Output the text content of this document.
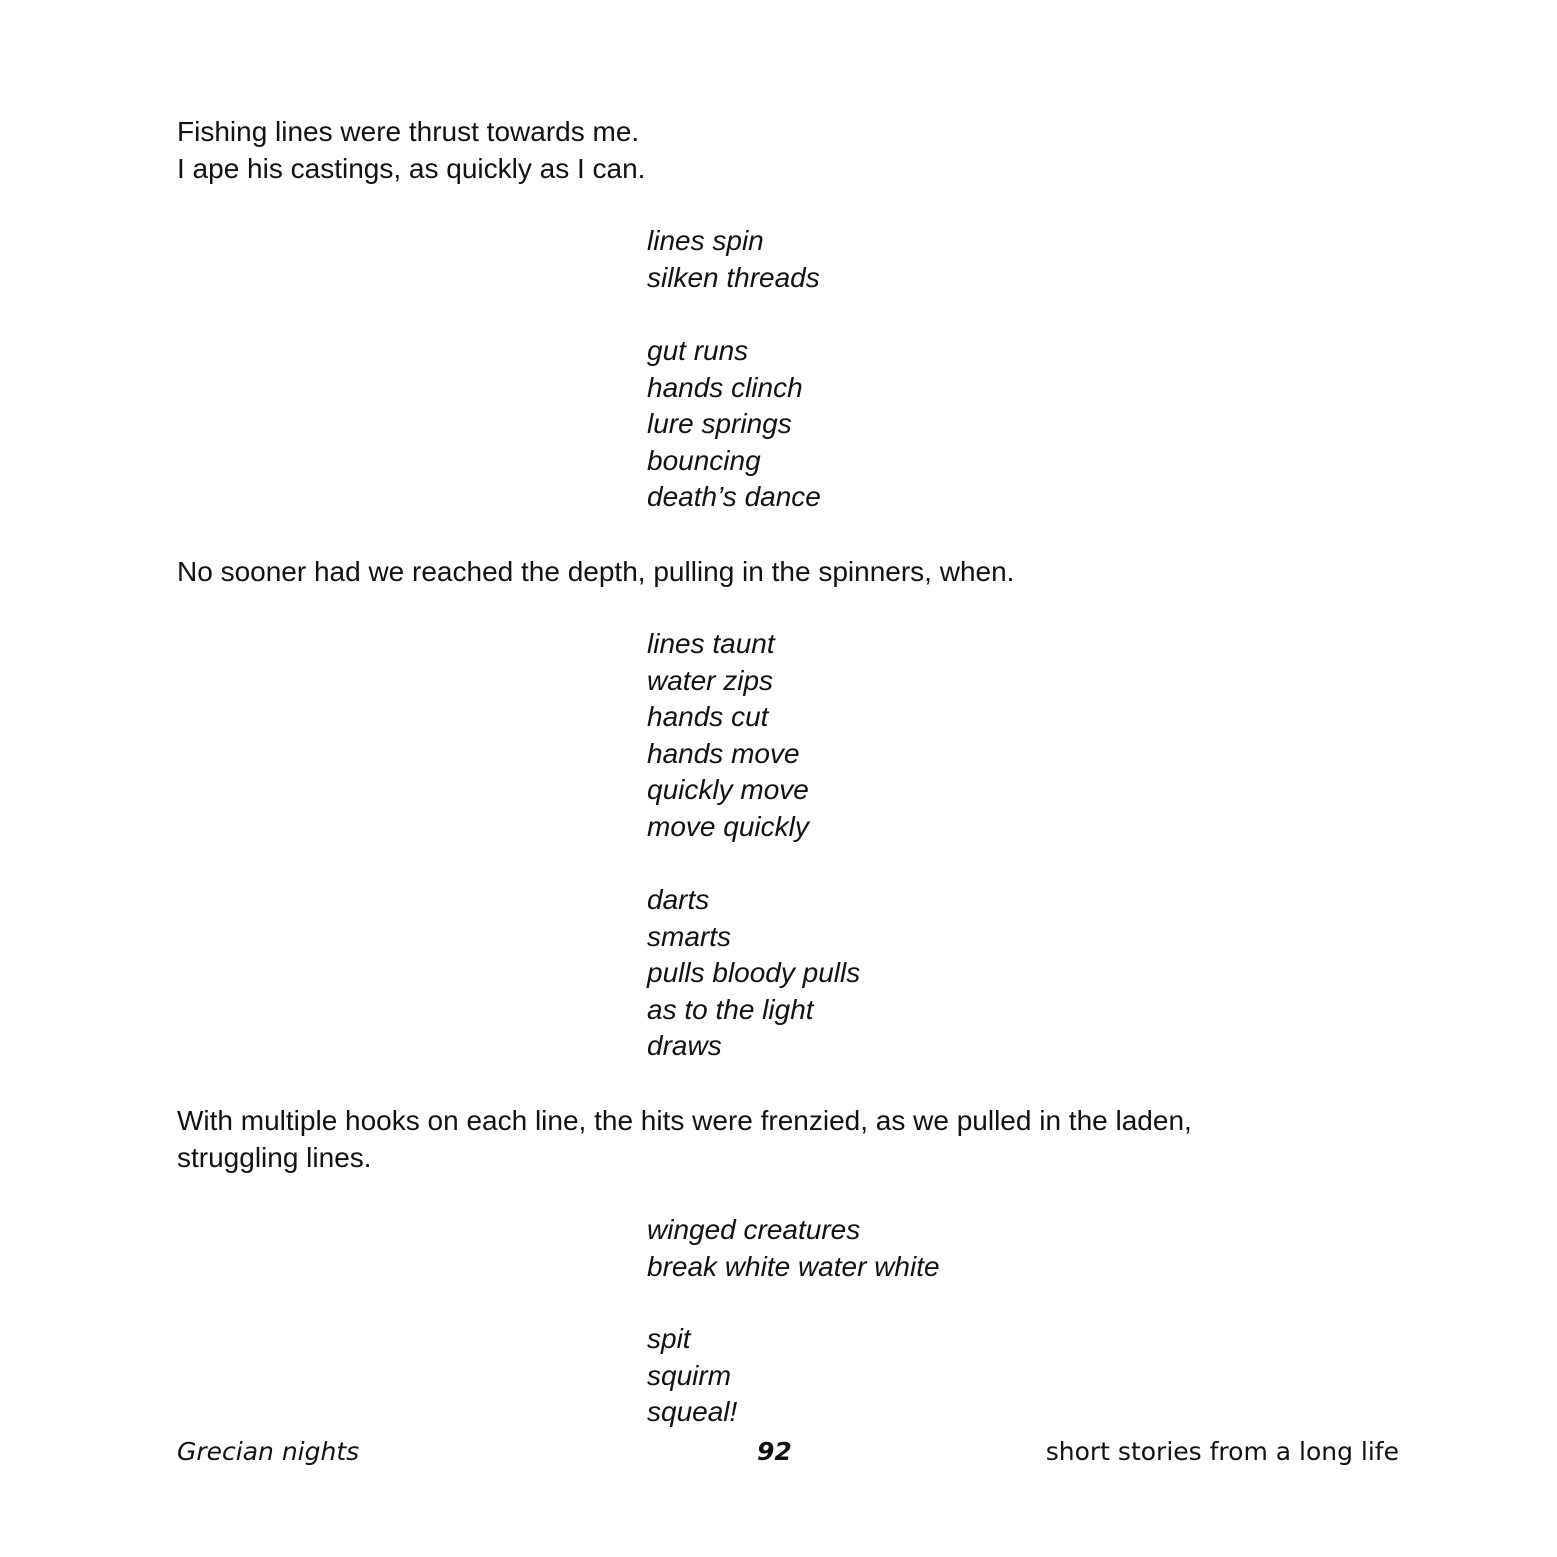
Fishing lines were thrust towards me.
I ape his castings, as quickly as I can.

lines spin
silken threads

gut runs
hands clinch
lure springs
bouncing
death’s dance

No sooner had we reached the depth, pulling in the spinners, when.

lines taunt
water zips
hands cut
hands move
quickly move
move quickly

darts
smarts
pulls bloody pulls
as to the light
draws

With multiple hooks on each line, the hits were frenzied, as we pulled in the laden,
struggling lines.

winged creatures
break white water white

spit
squirm
squeal!

Grecian nights	92	short stories from a long life
